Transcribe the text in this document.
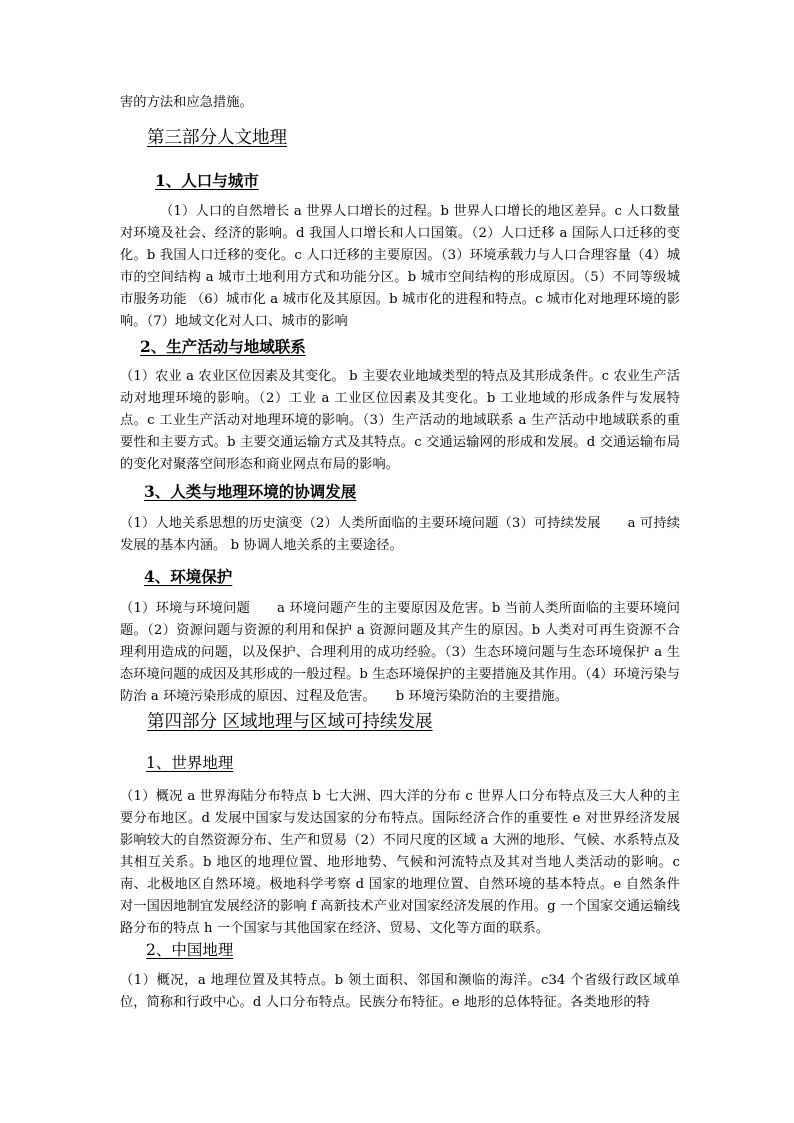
害的方法和应急措施。
第三部分人文地理
1、人口与城市
（1）人口的自然增长 a 世界人口增长的过程。b 世界人口增长的地区差异。c 人口数量对环境及社会、经济的影响。d 我国人口增长和人口国策。（2）人口迁移 a 国际人口迁移的变化。b 我国人口迁移的变化。c 人口迁移的主要原因。（3）环境承载力与人口合理容量（4）城市的空间结构 a 城市土地利用方式和功能分区。b 城市空间结构的形成原因。（5）不同等级城市服务功能 （6）城市化 a 城市化及其原因。b 城市化的进程和特点。c 城市化对地理环境的影响。（7）地域文化对人口、城市的影响
2、生产活动与地域联系
（1）农业 a 农业区位因素及其变化。 b 主要农业地域类型的特点及其形成条件。c 农业生产活动对地理环境的影响。（2）工业 a 工业区位因素及其变化。b 工业地域的形成条件与发展特点。c 工业生产活动对地理环境的影响。（3）生产活动的地域联系 a 生产活动中地域联系的重要性和主要方式。b 主要交通运输方式及其特点。c 交通运输网的形成和发展。d 交通运输布局的变化对聚落空间形态和商业网点布局的影响。
3、人类与地理环境的协调发展
（1）人地关系思想的历史演变（2）人类所面临的主要环境问题（3）可持续发展　　a 可持续发展的基本内涵。 b 协调人地关系的主要途径。
4、环境保护
（1）环境与环境问题　　a 环境问题产生的主要原因及危害。b 当前人类所面临的主要环境问题。（2）资源问题与资源的利用和保护 a 资源问题及其产生的原因。b 人类对可再生资源不合理利用造成的问题，以及保护、合理利用的成功经验。（3）生态环境问题与生态环境保护 a 生态环境问题的成因及其形成的一般过程。b 生态环境保护的主要措施及其作用。（4）环境污染与防治 a 环境污染形成的原因、过程及危害。　　b 环境污染防治的主要措施。
第四部分 区域地理与区域可持续发展
1、世界地理
（1）概况 a 世界海陆分布特点 b 七大洲、四大洋的分布 c 世界人口分布特点及三大人种的主要分布地区。d 发展中国家与发达国家的分布特点。国际经济合作的重要性 e 对世界经济发展影响较大的自然资源分布、生产和贸易（2）不同尺度的区域 a 大洲的地形、气候、水系特点及其相互关系。b 地区的地理位置、地形地势、气候和河流特点及其对当地人类活动的影响。c 南、北极地区自然环境。极地科学考察 d 国家的地理位置、自然环境的基本特点。e 自然条件对一国因地制宜发展经济的影响 f 高新技术产业对国家经济发展的作用。g 一个国家交通运输线路分布的特点 h 一个国家与其他国家在经济、贸易、文化等方面的联系。
2、中国地理
（1）概况，a 地理位置及其特点。b 领土面积、邻国和濒临的海洋。c34 个省级行政区域单位，简称和行政中心。d 人口分布特点。民族分布特征。e 地形的总体特征。各类地形的特
